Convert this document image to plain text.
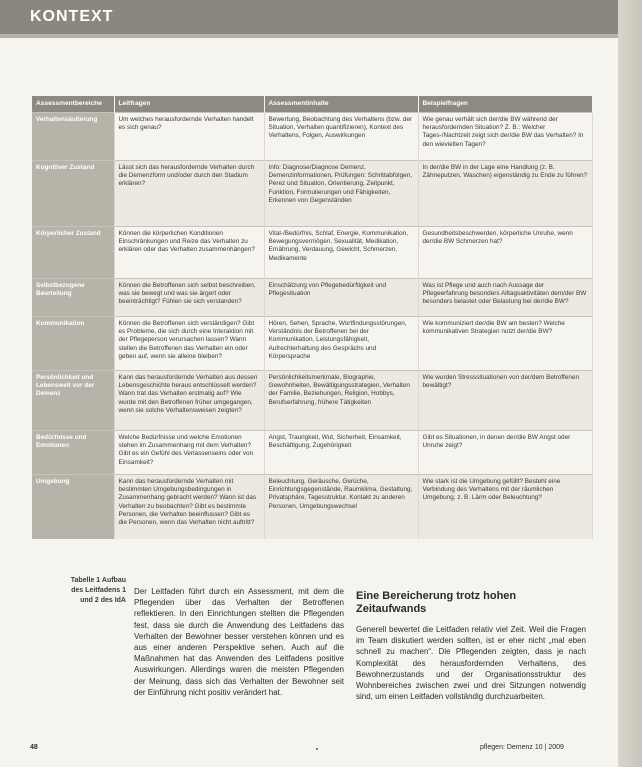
KONTEXT
Assessmentbereiche	Leitfragen	Assessmentinhalte	Beispielfragen
Verhaltensäußerung	Um welches herausfordernde Verhalten handelt es sich genau?	Bewertung, Beobachtung des Verhaltens (bzw. der Situation, Verhalten quantifizieren), Kontext des Verhaltens, Folgen, Auswirkungen	Wie genau verhält sich der/die BW während der herausfordernden Situation? Z. B.: Welcher Tages-/Nachtzeit zeigt sich der/die BW das Verhalten? In den wievielten Tagen?
Kognitiver Zustand	Lässt sich das herausfordernde Verhalten durch die Demenzform und/oder durch den Stadium erklären?	Info: Diagnose/Diagnose Demenz, Demenzinformationen, Prüfungen: Schrittabfolgen, Perez und Situation, Orientierung, Zeitpunkt, Funktion, Formulierungen und Fähigkeiten, Erkennen von Gegenständen	In der/die BW in der Lage eine Handlung (z. B. Zähneputzen, Waschen) eigenständig zu Ende zu führen?
Körperlicher Zustand	Können die körperlichen Konditionen Einschränkungen und Reize das Verhalten zu erklären oder das Verhalten zusammenhängen?	Vital-/Bedürfnis, Schlaf, Energie, Kommunikation, Bewegungsvermögen, Sexualität, Medikation, Ernährung, Verdauung, Gewicht, Schmerzen, Medikamente	Gesundheitsbeschwerden, körperliche Unruhe, wenn der/die BW Schmerzen hat?
Selbstbezogene Beurteilung	Können die Betroffenen sich selbst beschreiben, was sie bewegt und was sie ärgert oder beeinträchtigt? Fühlen sie sich verstanden?	Einschätzung von Pflegebedürftigkeit und Pflegesituation	Was ist Pflege und auch nach Aussage der Pflegeerfahrung besonders Alltagsaktivitäten dem/der BW besonders belastet oder Belastung bei der/die BW?
Kommunikation	Können die Betroffenen sich verständigen? Gibt es Probleme, die sich durch eine Interaktion mit der Pflegeperson verursachen lassen? Wann stellen die Betroffenen das Verhalten ein oder geben auf, wenn sie alleine bleiben?	Hören, Sehen, Sprache, Wortfindungsstörungen, Verständnis der Betroffenen bei der Kommunikation, Leistungsfähigkeit, Aufrechterhaltung des Gesprächs und Körpersprache	Wie kommuniziert der/die BW am besten? Welche kommunikativen Strategien nutzt der/die BW?
Persönlichkeit und Lebenswelt vor der Demenz	Kann das herausfordernde Verhalten aus dessen Lebensgeschichte heraus entschlüsselt werden? Wann trat das Verhalten erstmalig auf? Wie wurde mit den Betroffenen früher umgegangen, wenn sie solche Verhaltensweisen zeigten?	Persönlichkeitsmerkmale, Biographie, Gewohnheiten, Bewältigungsstrategien, Verhalten der Familie, Beziehungen, Religion, Hobbys, Berufserfahrung, frühere Tätigkeiten	Wie wurden Stresssituationen von der/dem Betroffenen bewältigt?
Bedürfnisse und Emotionen	Welche Bedürfnisse und welche Emotionen stehen im Zusammenhang mit dem Verhalten? Gibt es ein Gefühl des Verlassenseins oder von Einsamkeit?	Angst, Traurigkeit, Wut, Sicherheit, Einsamkeit, Beschäftigung, Zugehörigkeit	Gibt es Situationen, in denen der/die BW Angst oder Unruhe zeigt?
Umgebung	Kann das herausfordernde Verhalten mit bestimmten Umgebungsbedingungen in Zusammenhang gebracht werden? Wann ist das Verhalten zu beobachten? Gibt es bestimmte Personen, die Verhalten beeinflussen? Gibt es die Personen, wenn das Verhalten nicht auftritt?	Beleuchtung, Geräusche, Gerüche, Einrichtungsgegenstände, Raumklima, Gestaltung, Privatsphäre, Tagesstruktur, Kontakt zu anderen Personen, Umgebungswechsel	Wie stark ist die Umgebung gefüllt? Besteht eine Verbindung des Verhaltens mit der räumlichen Umgebung, z. B. Lärm oder Beleuchtung?
Tabelle 1 Aufbau
des Leitfadens 1
und 2 des IdA
Der Leitfaden führt durch ein Assessment, mit dem die Pflegenden über das Verhalten der Betroffenen reflektieren. In den Einrichtungen stellten die Pflegenden fest, dass sie durch die Anwendung des Leitfadens das Verhalten der Bewohner besser verstehen können und es aus einer anderen Perspektive sehen. Auch auf die Maßnahmen hat das Anwenden des Leitfadens positive Auswirkungen. Allerdings waren die meisten Pflegenden der Meinung, dass sich das Verhalten der Bewohner seit der Einführung nicht positiv verändert hat.
Eine Bereicherung trotz hohen Zeitaufwands

Generell bewertet die Leitfaden relativ viel Zeit. Weil die Fragen im Team diskutiert werden sollten, ist er eher nicht „mal eben schnell zu machen“. Die Pflegenden zeigten, dass je nach Komplexität des herausfordernden Verhaltens, des Bewohnerzustands und der Organisationsstruktur des Wohnbereiches zwischen zwei und drei Sitzungen notwendig sind, um einen Leitfaden vollständig durchzuarbeiten.

48	pflegen: Demenz 10 | 2009
